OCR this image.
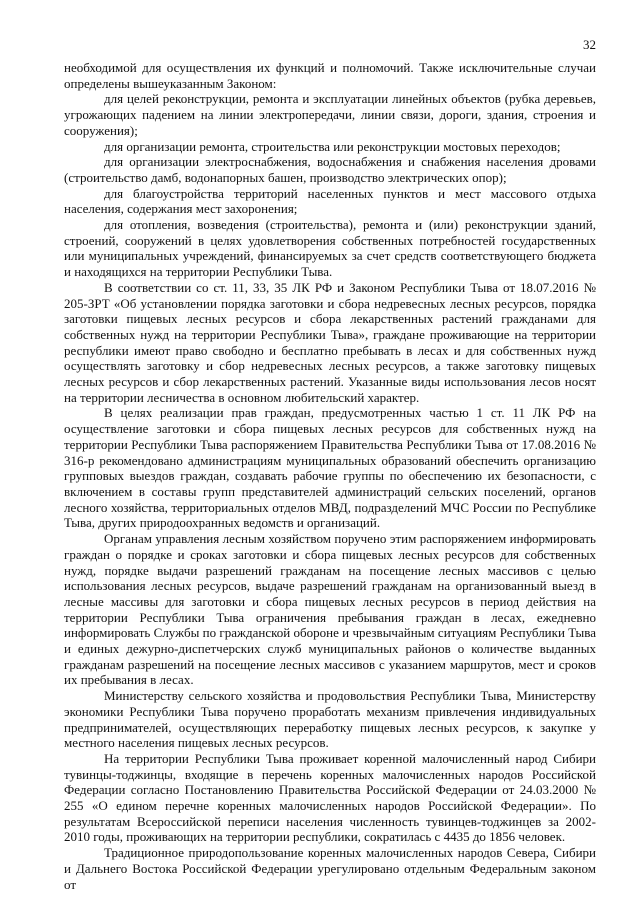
32

необходимой для осуществления их функций и полномочий. Также исключительные случаи определены вышеуказанным Законом:

для целей реконструкции, ремонта и эксплуатации линейных объектов (рубка деревьев, угрожающих падением на линии электропередачи, линии связи, дороги, здания, строения и сооружения);

для организации ремонта, строительства или реконструкции мостовых переходов;

для организации электроснабжения, водоснабжения и снабжения населения дровами (строительство дамб, водонапорных башен, производство электрических опор);

для благоустройства территорий населенных пунктов и мест массового отдыха населения, содержания мест захоронения;

для отопления, возведения (строительства), ремонта и (или) реконструкции зданий, строений, сооружений в целях удовлетворения собственных потребностей государственных или муниципальных учреждений, финансируемых за счет средств соответствующего бюджета и находящихся на территории Республики Тыва.

В соответствии со ст. 11, 33, 35 ЛК РФ и Законом Республики Тыва от 18.07.2016 № 205-ЗРТ «Об установлении порядка заготовки и сбора недревесных лесных ресурсов, порядка заготовки пищевых лесных ресурсов и сбора лекарственных растений гражданами для собственных нужд на территории Республики Тыва», граждане проживающие на территории республики имеют право свободно и бесплатно пребывать в лесах и для собственных нужд осуществлять заготовку и сбор недревесных лесных ресурсов, а также заготовку пищевых лесных ресурсов и сбор лекарственных растений. Указанные виды использования лесов носят на территории лесничества в основном любительский характер.

В целях реализации прав граждан, предусмотренных частью 1 ст. 11 ЛК РФ на осуществление заготовки и сбора пищевых лесных ресурсов для собственных нужд на территории Республики Тыва распоряжением Правительства Республики Тыва от 17.08.2016 № 316-р рекомендовано администрациям муниципальных образований обеспечить организацию групповых выездов граждан, создавать рабочие группы по обеспечению их безопасности, с включением в составы групп представителей администраций сельских поселений, органов лесного хозяйства, территориальных отделов МВД, подразделений МЧС России по Республике Тыва, других природоохранных ведомств и организаций.

Органам управления лесным хозяйством поручено этим распоряжением информировать граждан о порядке и сроках заготовки и сбора пищевых лесных ресурсов для собственных нужд, порядке выдачи разрешений гражданам на посещение лесных массивов с целью использования лесных ресурсов, выдаче разрешений гражданам на организованный выезд в лесные массивы для заготовки и сбора пищевых лесных ресурсов в период действия на территории Республики Тыва ограничения пребывания граждан в лесах, ежедневно информировать Службы по гражданской обороне и чрезвычайным ситуациям Республики Тыва и единых дежурно-диспетчерских служб муниципальных районов о количестве выданных гражданам разрешений на посещение лесных массивов с указанием маршрутов, мест и сроков их пребывания в лесах.

Министерству сельского хозяйства и продовольствия Республики Тыва, Министерству экономики Республики Тыва поручено проработать механизм привлечения индивидуальных предпринимателей, осуществляющих переработку пищевых лесных ресурсов, к закупке у местного населения пищевых лесных ресурсов.

На территории Республики Тыва проживает коренной малочисленный народ Сибири тувинцы-тоджинцы, входящие в перечень коренных малочисленных народов Российской Федерации согласно Постановлению Правительства Российской Федерации от 24.03.2000 № 255 «О едином перечне коренных малочисленных народов Российской Федерации». По результатам Всероссийской переписи населения численность тувинцев-тоджинцев за 2002-2010 годы, проживающих на территории республики, сократилась с 4435 до 1856 человек.

Традиционное природопользование коренных малочисленных народов Севера, Сибири и Дальнего Востока Российской Федерации урегулировано отдельным Федеральным законом от
